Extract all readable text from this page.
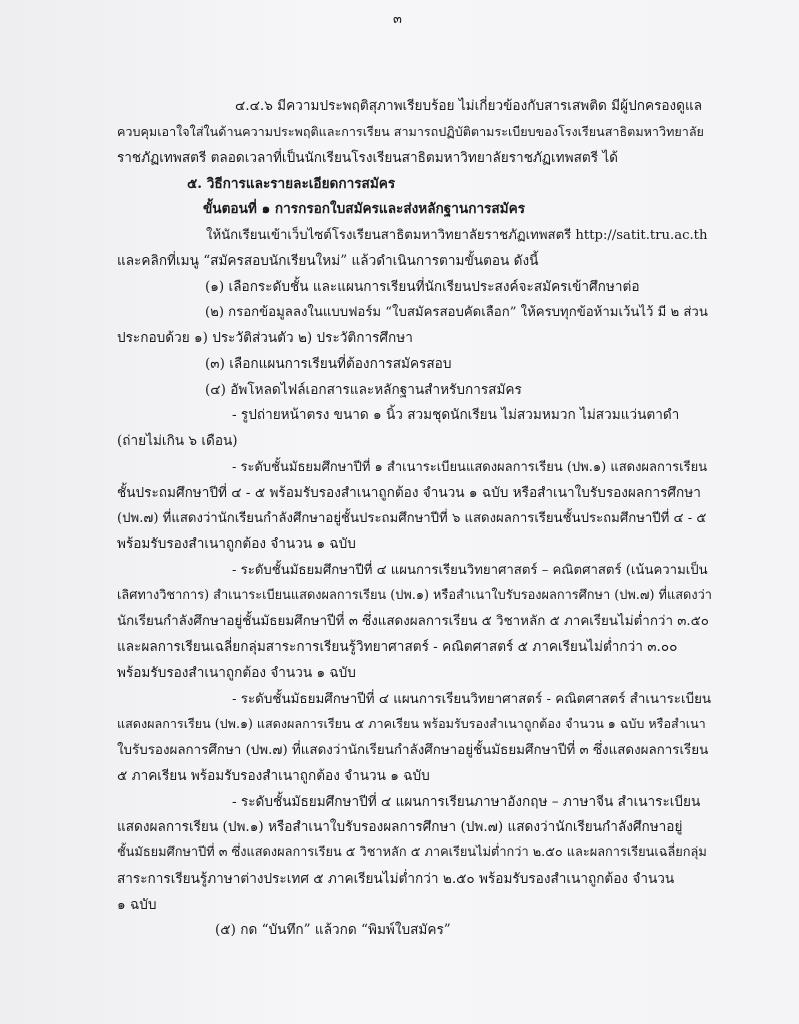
๓
๔.๔.๖ มีความประพฤติสุภาพเรียบร้อย ไม่เกี่ยวข้องกับสารเสพติด มีผู้ปกครองดูแล
ควบคุมเอาใจใส่ในด้านความประพฤติและการเรียน สามารถปฏิบัติตามระเบียบของโรงเรียนสาธิตมหาวิทยาลัย
ราชภัฏเทพสตรี ตลอดเวลาที่เป็นนักเรียนโรงเรียนสาธิตมหาวิทยาลัยราชภัฏเทพสตรี ได้
๕. วิธีการและรายละเอียดการสมัคร
ขั้นตอนที่ ๑ การกรอกใบสมัครและส่งหลักฐานการสมัคร
ให้นักเรียนเข้าเว็บไซต์โรงเรียนสาธิตมหาวิทยาลัยราชภัฏเทพสตรี http://satit.tru.ac.th
และคลิกที่เมนู “สมัครสอบนักเรียนใหม่” แล้วดำเนินการตามขั้นตอน ดังนี้
(๑) เลือกระดับชั้น และแผนการเรียนที่นักเรียนประสงค์จะสมัครเข้าศึกษาต่อ
(๒) กรอกข้อมูลลงในแบบฟอร์ม “ใบสมัครสอบคัดเลือก” ให้ครบทุกข้อห้ามเว้นไว้ มี ๒ ส่วน
ประกอบด้วย ๑) ประวัติส่วนตัว ๒) ประวัติการศึกษา
(๓) เลือกแผนการเรียนที่ต้องการสมัครสอบ
(๔) อัพโหลดไฟล์เอกสารและหลักฐานสำหรับการสมัคร
- รูปถ่ายหน้าตรง ขนาด ๑ นิ้ว สวมชุดนักเรียน ไม่สวมหมวก ไม่สวมแว่นตาดำ
(ถ่ายไม่เกิน ๖ เดือน)
- ระดับชั้นมัธยมศึกษาปีที่ ๑ สำเนาระเบียนแสดงผลการเรียน (ปพ.๑) แสดงผลการเรียน
ชั้นประถมศึกษาปีที่ ๔ - ๕ พร้อมรับรองสำเนาถูกต้อง จำนวน ๑ ฉบับ หรือสำเนาใบรับรองผลการศึกษา
(ปพ.๗) ที่แสดงว่านักเรียนกำลังศึกษาอยู่ชั้นประถมศึกษาปีที่ ๖ แสดงผลการเรียนชั้นประถมศึกษาปีที่ ๔ - ๕
พร้อมรับรองสำเนาถูกต้อง จำนวน ๑ ฉบับ
- ระดับชั้นมัธยมศึกษาปีที่ ๔ แผนการเรียนวิทยาศาสตร์ – คณิตศาสตร์ (เน้นความเป็น
เลิศทางวิชาการ) สำเนาระเบียนแสดงผลการเรียน (ปพ.๑) หรือสำเนาใบรับรองผลการศึกษา (ปพ.๗) ที่แสดงว่า
นักเรียนกำลังศึกษาอยู่ชั้นมัธยมศึกษาปีที่ ๓ ซึ่งแสดงผลการเรียน ๕ วิชาหลัก ๕ ภาคเรียนไม่ต่ำกว่า ๓.๕๐
และผลการเรียนเฉลี่ยกลุ่มสาระการเรียนรู้วิทยาศาสตร์ - คณิตศาสตร์ ๕ ภาคเรียนไม่ต่ำกว่า ๓.๐๐
พร้อมรับรองสำเนาถูกต้อง จำนวน ๑ ฉบับ
- ระดับชั้นมัธยมศึกษาปีที่ ๔ แผนการเรียนวิทยาศาสตร์ - คณิตศาสตร์ สำเนาระเบียน
แสดงผลการเรียน (ปพ.๑) แสดงผลการเรียน ๕ ภาคเรียน พร้อมรับรองสำเนาถูกต้อง จำนวน ๑ ฉบับ หรือสำเนา
ใบรับรองผลการศึกษา (ปพ.๗) ที่แสดงว่านักเรียนกำลังศึกษาอยู่ชั้นมัธยมศึกษาปีที่ ๓ ซึ่งแสดงผลการเรียน
๕ ภาคเรียน พร้อมรับรองสำเนาถูกต้อง จำนวน ๑ ฉบับ
- ระดับชั้นมัธยมศึกษาปีที่ ๔ แผนการเรียนภาษาอังกฤษ – ภาษาจีน สำเนาระเบียน
แสดงผลการเรียน (ปพ.๑) หรือสำเนาใบรับรองผลการศึกษา (ปพ.๗) แสดงว่านักเรียนกำลังศึกษาอยู่
ชั้นมัธยมศึกษาปีที่ ๓ ซึ่งแสดงผลการเรียน ๕ วิชาหลัก ๕ ภาคเรียนไม่ต่ำกว่า ๒.๕๐ และผลการเรียนเฉลี่ยกลุ่ม
สาระการเรียนรู้ภาษาต่างประเทศ ๕ ภาคเรียนไม่ต่ำกว่า ๒.๕๐ พร้อมรับรองสำเนาถูกต้อง จำนวน
๑ ฉบับ
(๕) กด “บันทึก” แล้วกด “พิมพ์ใบสมัคร”
